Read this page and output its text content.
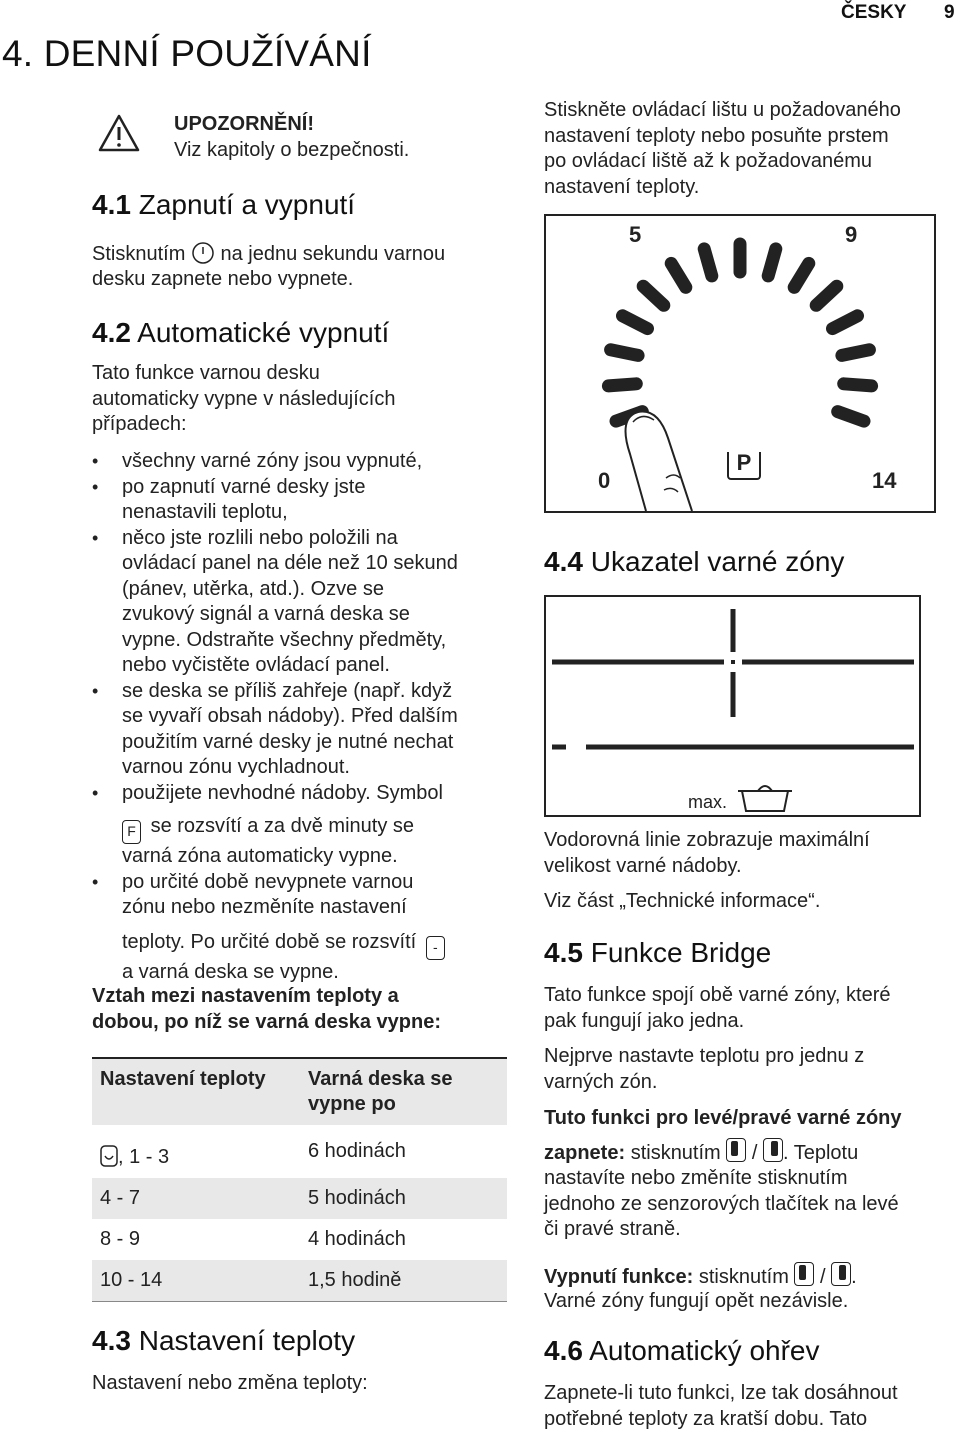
ČESKY 9
4. DENNÍ POUŽÍVÁNÍ
UPOZORNĚNÍ!
Viz kapitoly o bezpečnosti.
4.1 Zapnutí a vypnutí
Stisknutím na jednu sekundu varnou
desku zapnete nebo vypnete.
4.2 Automatické vypnutí
Tato funkce varnou desku
automaticky vypne v následujících
případech:
• všechny varné zóny jsou vypnuté,
• po zapnutí varné desky jste
nenastavili teplotu,
• něco jste rozlili nebo položili na
ovládací panel na déle než 10 sekund
(pánev, utěrka, atd.). Ozve se
zvukový signál a varná deska se
vypne. Odstraňte všechny předměty,
nebo vyčistěte ovládací panel.
• se deska se příliš zahřeje (např. když
se vyvaří obsah nádoby). Před dalším
použitím varné desky je nutné nechat
varnou zónu vychladnout.
• použijete nevhodné nádoby. Symbol
F se rozsvítí a za dvě minuty se
varná zóna automaticky vypne.
• po určité době nevypnete varnou
zónu nebo nezměníte nastavení
teploty. Po určité době se rozsvítí -
a varná deska se vypne.
Vztah mezi nastavením teploty a
dobou, po níž se varná deska vypne:
Nastavení teploty	Varná deska se vypne po
, 1 - 3	6 hodinách
4 - 7	5 hodinách
8 - 9	4 hodinách
10 - 14	1,5 hodině
4.3 Nastavení teploty
Nastavení nebo změna teploty:
Stiskněte ovládací lištu u požadovaného
nastavení teploty nebo posuňte prstem
po ovládací liště až k požadovanému
nastavení teploty.
5	9
0	14
P
4.4 Ukazatel varné zóny
max.
Vodorovná linie zobrazuje maximální
velikost varné nádoby.
Viz část „Technické informace“.
4.5 Funkce Bridge
Tato funkce spojí obě varné zóny, které
pak fungují jako jedna.
Nejprve nastavte teplotu pro jednu z
varných zón.
Tuto funkci pro levé/pravé varné zóny
zapnete: stisknutím / . Teplotu
nastavíte nebo změníte stisknutím
jednoho ze senzorových tlačítek na levé
či pravé straně.
Vypnutí funkce: stisknutím / .
Varné zóny fungují opět nezávisle.
4.6 Automatický ohřev
Zapnete-li tuto funkci, lze tak dosáhnout
potřebné teploty za kratší dobu. Tato
